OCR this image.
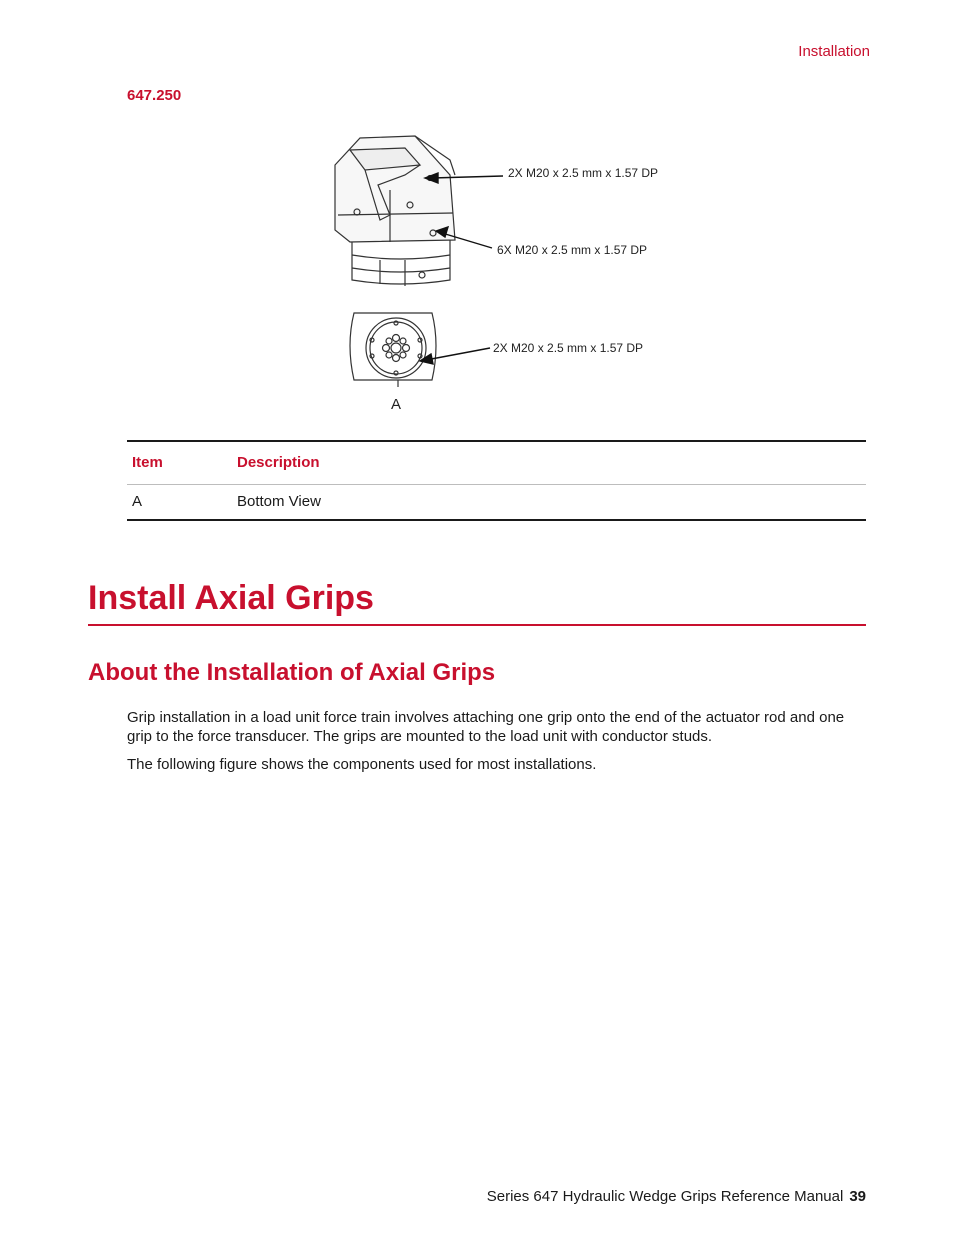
Installation
647.250
2X M20 x 2.5 mm x 1.57 DP
6X M20 x 2.5 mm x 1.57 DP
2X M20 x 2.5 mm x 1.57 DP
A
Item	Description
A	Bottom View
Install Axial Grips
About the Installation of Axial Grips

Grip installation in a load unit force train involves attaching one grip onto the end of the actuator rod and one grip to the force transducer. The grips are mounted to the load unit with conductor studs.

The following figure shows the components used for most installations.

Series 647 Hydraulic Wedge Grips Reference Manual 39
